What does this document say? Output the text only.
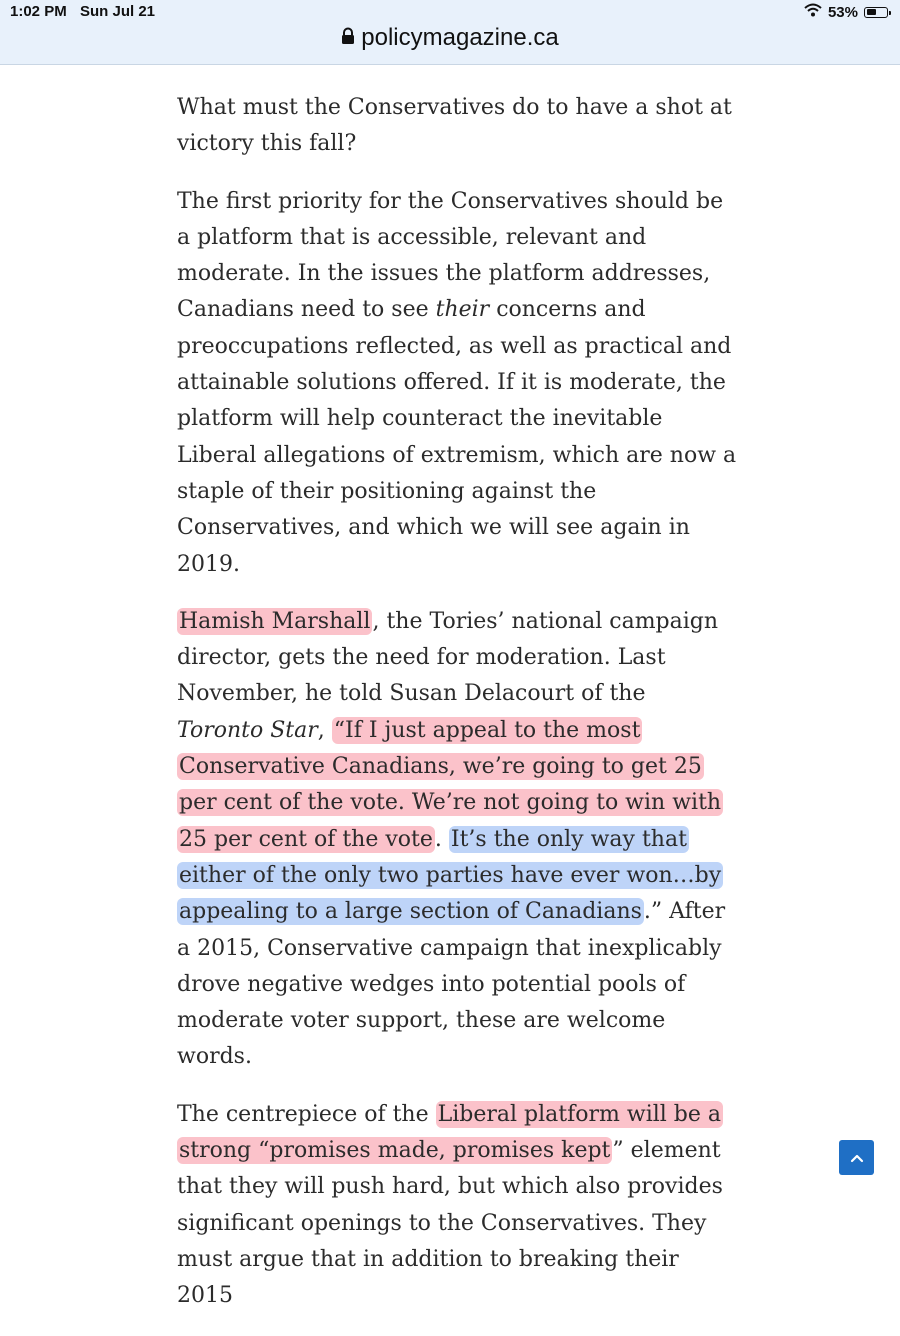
1:02 PM Sun Jul 21	53%
policymagazine.ca

What must the Conservatives do to have a shot at victory this fall?

The first priority for the Conservatives should be a platform that is accessible, relevant and moderate. In the issues the platform addresses, Canadians need to see their concerns and preoccupations reflected, as well as practical and attainable solutions offered. If it is moderate, the platform will help counteract the inevitable Liberal allegations of extremism, which are now a staple of their positioning against the Conservatives, and which we will see again in 2019.

Hamish Marshall, the Tories’ national campaign director, gets the need for moderation. Last November, he told Susan Delacourt of the Toronto Star, “If I just appeal to the most Conservative Canadians, we’re going to get 25 per cent of the vote. We’re not going to win with 25 per cent of the vote. It’s the only way that either of the only two parties have ever won…by appealing to a large section of Canadians.” After a 2015, Conservative campaign that inexplicably drove negative wedges into potential pools of moderate voter support, these are welcome words.

The centrepiece of the Liberal platform will be a strong “promises made, promises kept” element that they will push hard, but which also provides significant openings to the Conservatives. They must argue that in addition to breaking their 2015
